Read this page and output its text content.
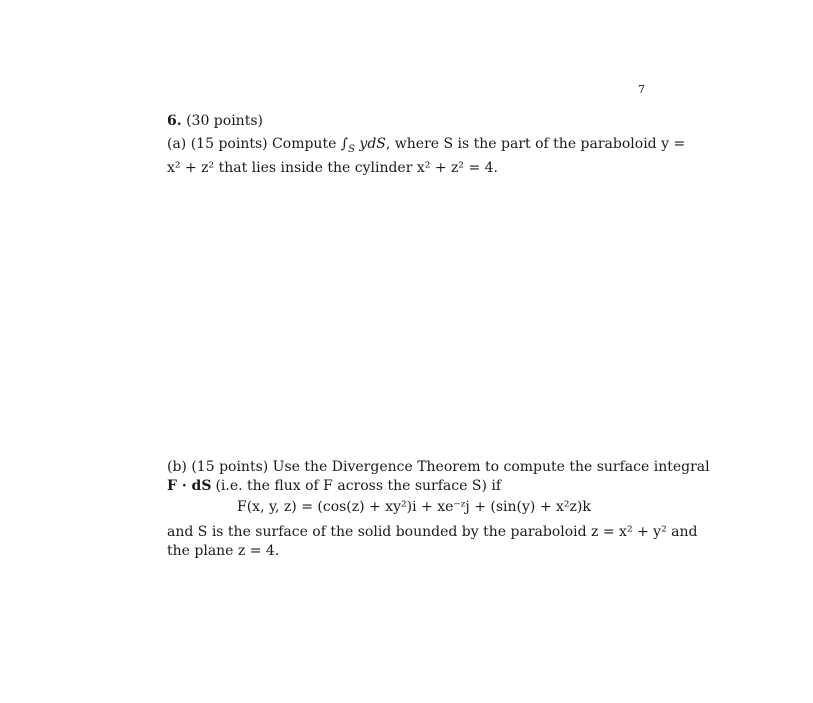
7
6. (30 points)
(a) (15 points) Compute $\int_S$ ydS, where S is the part of the paraboloid y =
x² + z² that lies inside the cylinder x² + z² = 4.
(b) (15 points) Use the Divergence Theorem to compute the surface integral
F · dS (i.e. the flux of F across the surface S) if
F(x, y, z) = (cos(z) + xy²)i + xe⁻ᶻj + (sin(y) + x²z)k
and S is the surface of the solid bounded by the paraboloid z = x² + y² and
the plane z = 4.
